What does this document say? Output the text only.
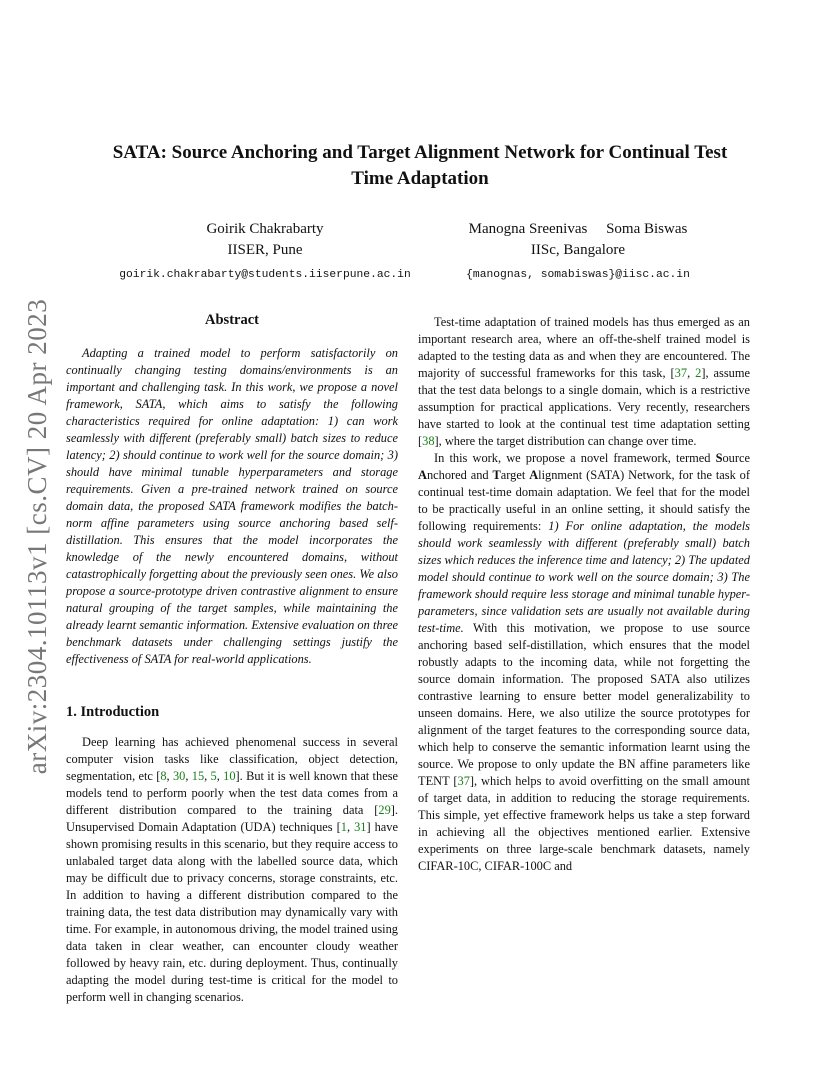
arXiv:2304.10113v1 [cs.CV] 20 Apr 2023
SATA: Source Anchoring and Target Alignment Network for Continual Test
Time Adaptation
Goirik Chakrabarty
IISER, Pune
goirik.chakrabarty@students.iiserpune.ac.in
Manogna Sreenivas     Soma Biswas
IISc, Bangalore
{manognas, somabiswas}@iisc.ac.in
Abstract

Adapting a trained model to perform satisfactorily on continually changing testing domains/environments is an important and challenging task. In this work, we propose a novel framework, SATA, which aims to satisfy the following characteristics required for online adaptation: 1) can work seamlessly with different (preferably small) batch sizes to reduce latency; 2) should continue to work well for the source domain; 3) should have minimal tunable hyperparameters and storage requirements. Given a pre-trained network trained on source domain data, the proposed SATA framework modifies the batch-norm affine parameters using source anchoring based self-distillation. This ensures that the model incorporates the knowledge of the newly encountered domains, without catastrophically forgetting about the previously seen ones. We also propose a source-prototype driven contrastive alignment to ensure natural grouping of the target samples, while maintaining the already learnt semantic information. Extensive evaluation on three benchmark datasets under challenging settings justify the effectiveness of SATA for real-world applications.

1. Introduction

Deep learning has achieved phenomenal success in several computer vision tasks like classification, object detection, segmentation, etc [8, 30, 15, 5, 10]. But it is well known that these models tend to perform poorly when the test data comes from a different distribution compared to the training data [29]. Unsupervised Domain Adaptation (UDA) techniques [1, 31] have shown promising results in this scenario, but they require access to unlabaled target data along with the labelled source data, which may be difficult due to privacy concerns, storage constraints, etc. In addition to having a different distribution compared to the training data, the test data distribution may dynamically vary with time. For example, in autonomous driving, the model trained using data taken in clear weather, can encounter cloudy weather followed by heavy rain, etc. during deployment. Thus, continually adapting the model during test-time is critical for the model to perform well in changing scenarios.

Test-time adaptation of trained models has thus emerged as an important research area, where an off-the-shelf trained model is adapted to the testing data as and when they are encountered. The majority of successful frameworks for this task, [37, 2], assume that the test data belongs to a single domain, which is a restrictive assumption for practical applications. Very recently, researchers have started to look at the continual test time adaptation setting [38], where the target distribution can change over time.

In this work, we propose a novel framework, termed Source Anchored and Target Alignment (SATA) Network, for the task of continual test-time domain adaptation. We feel that for the model to be practically useful in an online setting, it should satisfy the following requirements: 1) For online adaptation, the models should work seamlessly with different (preferably small) batch sizes which reduces the inference time and latency; 2) The updated model should continue to work well on the source domain; 3) The framework should require less storage and minimal tunable hyper-parameters, since validation sets are usually not available during test-time. With this motivation, we propose to use source anchoring based self-distillation, which ensures that the model robustly adapts to the incoming data, while not forgetting the source domain information. The proposed SATA also utilizes contrastive learning to ensure better model generalizability to unseen domains. Here, we also utilize the source prototypes for alignment of the target features to the corresponding source data, which help to conserve the semantic information learnt using the source. We propose to only update the BN affine parameters like TENT [37], which helps to avoid overfitting on the small amount of target data, in addition to reducing the storage requirements. This simple, yet effective framework helps us take a step forward in achieving all the objectives mentioned earlier. Extensive experiments on three large-scale benchmark datasets, namely CIFAR-10C, CIFAR-100C and
